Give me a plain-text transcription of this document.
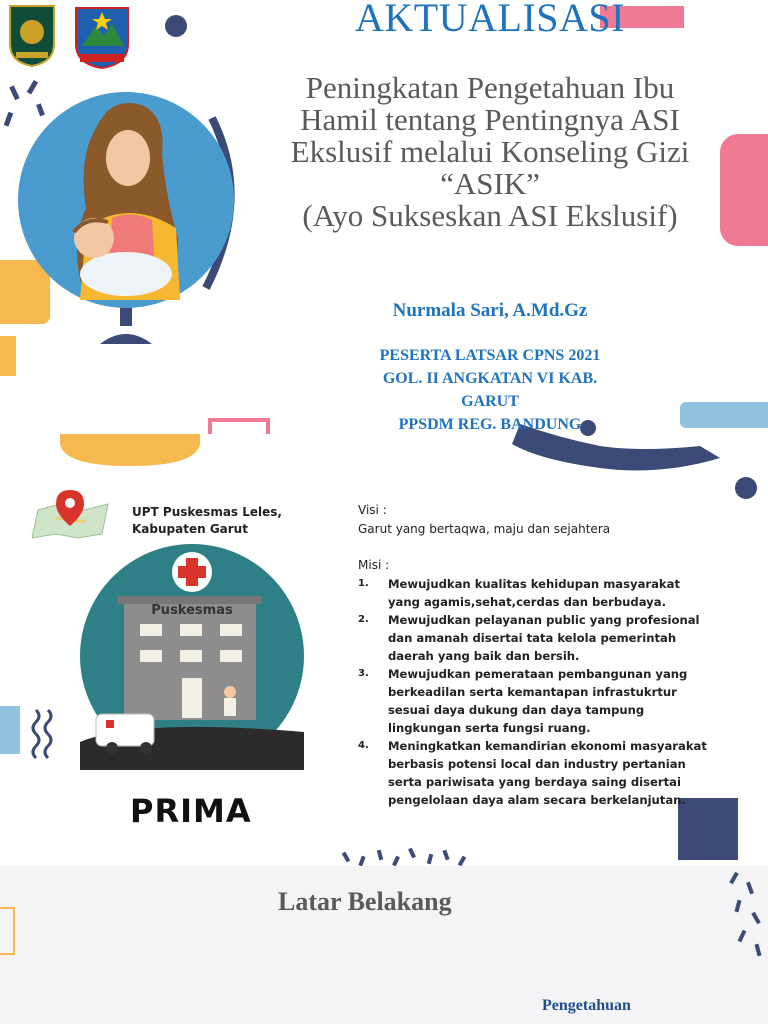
AKTUALISASI
Peningkatan Pengetahuan Ibu
Hamil tentang Pentingnya ASI
Ekslusif melalui Konseling Gizi
“ASIK”
(Ayo Sukseskan ASI Ekslusif)
Nurmala Sari, A.Md.Gz
PESERTA LATSAR CPNS 2021
GOL. II ANGKATAN VI KAB.
GARUT
PPSDM REG. BANDUNG
UPT Puskesmas Leles,
Kabupaten Garut
Puskesmas
PRIMA
Visi :
Garut yang bertaqwa, maju dan sejahtera
Misi :
1. Mewujudkan kualitas kehidupan masyarakat yang agamis,sehat,cerdas dan berbudaya.
2. Mewujudkan pelayanan public yang profesional dan amanah disertai tata kelola pemerintah daerah yang baik dan bersih.
3. Mewujudkan pemerataan pembangunan yang berkeadilan serta kemantapan infrastukrtur sesuai daya dukung dan daya tampung lingkungan serta fungsi ruang.
4. Meningkatkan kemandirian ekonomi masyarakat berbasis potensi local dan industry pertanian serta pariwisata yang berdaya saing disertai pengelolaan daya alam secara berkelanjutan.
Latar Belakang
Pengetahuan
